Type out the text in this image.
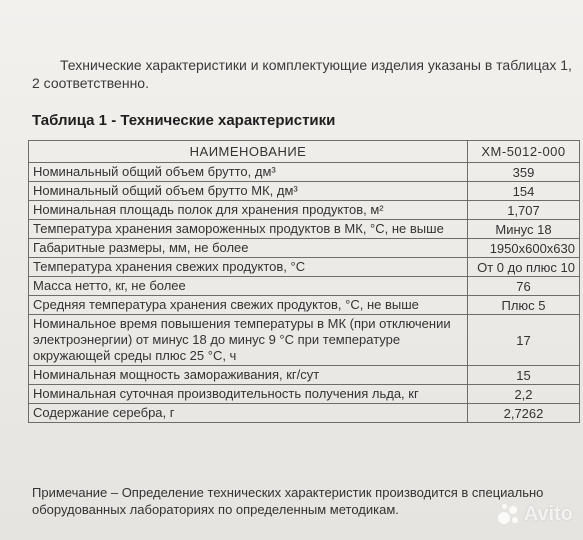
Технические характеристики и комплектующие изделия указаны в таблицах 1, 2 соответственно.
Таблица 1 - Технические характеристики
НАИМЕНОВАНИЕ	ХМ-5012-000
Номинальный общий объем брутто, дм³	359
Номинальный общий объем брутто МК, дм³	154
Номинальная площадь полок для хранения продуктов, м²	1,707
Температура хранения замороженных продуктов в МК, °С, не выше	Минус 18
Габаритные размеры, мм, не более	1950x600x630
Температура хранения свежих продуктов, °С	От 0 до плюс 10
Масса нетто, кг, не более	76
Средняя температура хранения свежих продуктов, °С, не выше	Плюс 5
Номинальное время повышения температуры в МК (при отключении электроэнергии) от минус 18 до минус 9 °С при температуре окружающей среды плюс 25 °С, ч	17
Номинальная мощность замораживания, кг/сут	15
Номинальная суточная производительность получения льда, кг	2,2
Содержание серебра, г	2,7262
Примечание – Определение технических характеристик производится в специально оборудованных лабораториях по определенным методикам.	Avito
